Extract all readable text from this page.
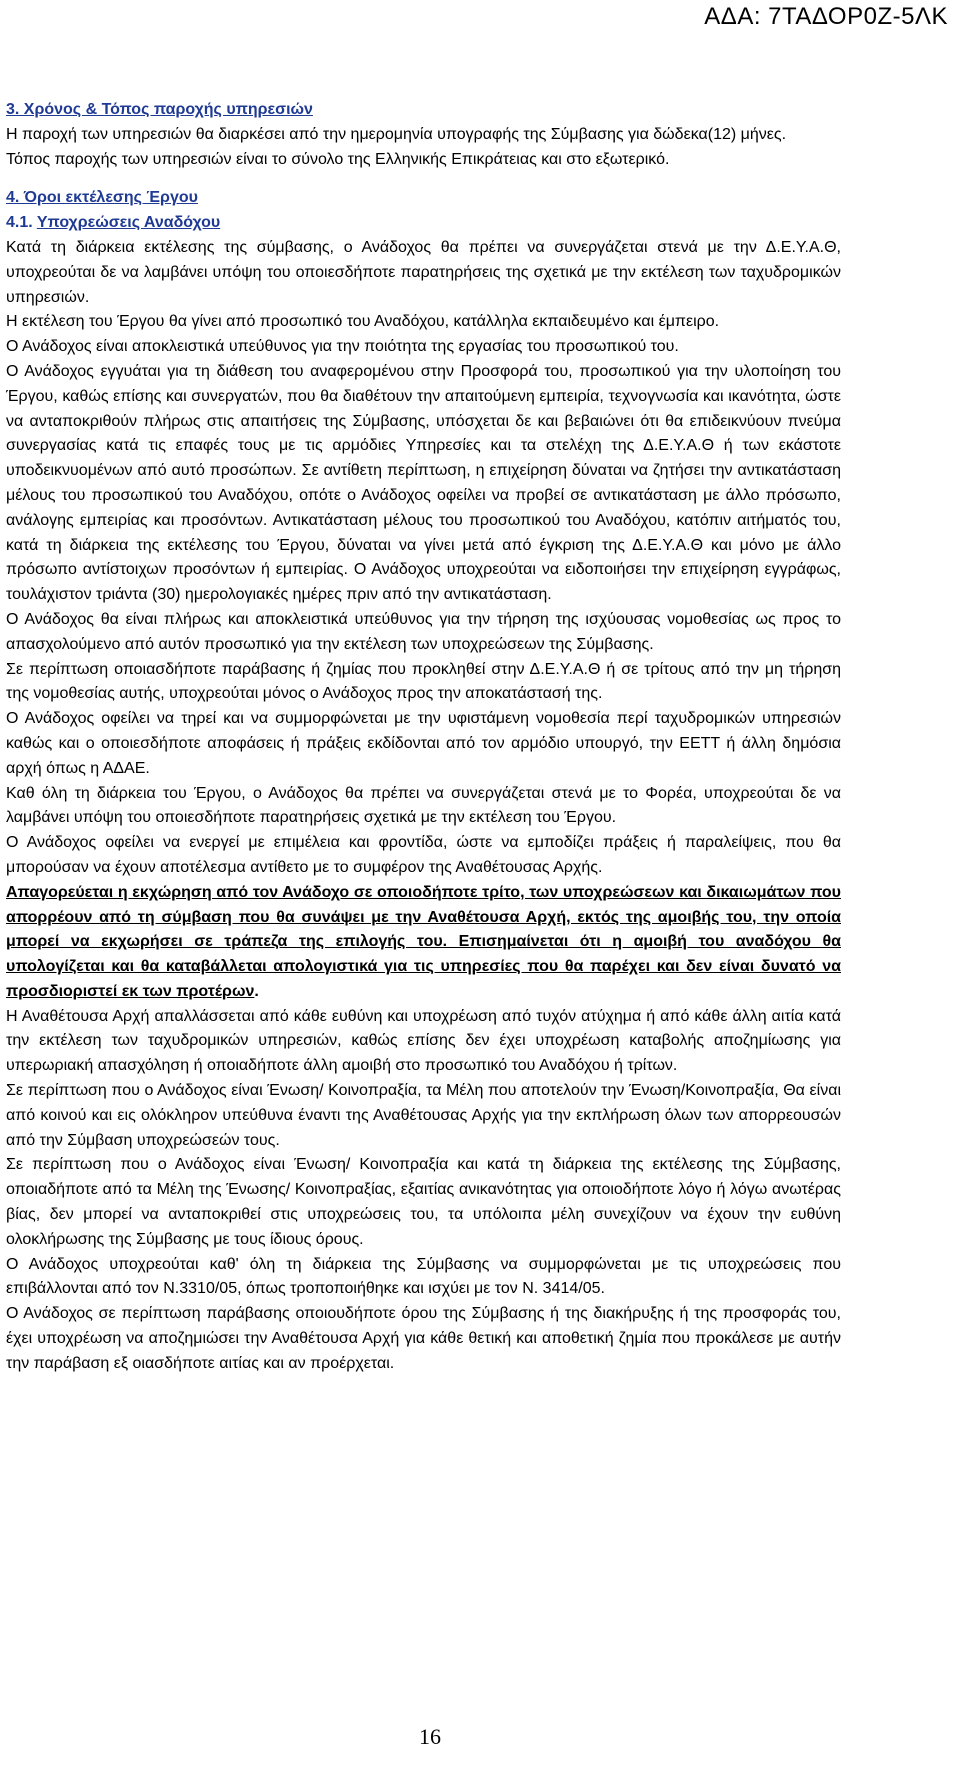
ΑΔΑ: 7ΤΑΔΟΡ0Ζ-5ΛΚ

3. Χρόνος & Τόπος παροχής υπηρεσιών

Η παροχή των υπηρεσιών θα διαρκέσει από την ημερομηνία υπογραφής της Σύμβασης για δώδεκα(12) μήνες.

Τόπος παροχής των υπηρεσιών είναι το σύνολο της Ελληνικής Επικράτειας και στο εξωτερικό.

4. Όροι εκτέλεσης Έργου

4.1. Υποχρεώσεις Αναδόχου

Κατά τη διάρκεια εκτέλεσης της σύμβασης, ο Ανάδοχος θα πρέπει να συνεργάζεται στενά με την Δ.Ε.Υ.Α.Θ, υποχρεούται δε να λαμβάνει υπόψη του οποιεσδήποτε παρατηρήσεις της σχετικά με την εκτέλεση των ταχυδρομικών υπηρεσιών.

Η εκτέλεση του Έργου θα γίνει από προσωπικό του Αναδόχου, κατάλληλα εκπαιδευμένο και έμπειρο.

Ο Ανάδοχος είναι αποκλειστικά υπεύθυνος για την ποιότητα της εργασίας του προσωπικού του.

Ο Ανάδοχος εγγυάται για τη διάθεση του αναφερομένου στην Προσφορά του, προσωπικού για την υλοποίηση του Έργου, καθώς επίσης και συνεργατών, που θα διαθέτουν την απαιτούμενη εμπειρία, τεχνογνωσία και ικανότητα, ώστε να ανταποκριθούν πλήρως στις απαιτήσεις της Σύμβασης, υπόσχεται δε και βεβαιώνει ότι θα επιδεικνύουν πνεύμα συνεργασίας κατά τις επαφές τους με τις αρμόδιες Υπηρεσίες και τα στελέχη της Δ.Ε.Υ.Α.Θ ή των εκάστοτε υποδεικνυομένων από αυτό προσώπων. Σε αντίθετη περίπτωση, η επιχείρηση δύναται να ζητήσει την αντικατάσταση μέλους του προσωπικού του Αναδόχου, οπότε ο Ανάδοχος οφείλει να προβεί σε αντικατάσταση με άλλο πρόσωπο, ανάλογης εμπειρίας και προσόντων. Αντικατάσταση μέλους του προσωπικού του Αναδόχου, κατόπιν αιτήματός του, κατά τη διάρκεια της εκτέλεσης του Έργου, δύναται να γίνει μετά από έγκριση της Δ.Ε.Υ.Α.Θ και μόνο με άλλο πρόσωπο αντίστοιχων προσόντων ή εμπειρίας. Ο Ανάδοχος υποχρεούται να ειδοποιήσει την επιχείρηση εγγράφως, τουλάχιστον τριάντα (30) ημερολογιακές ημέρες πριν από την αντικατάσταση.

Ο Ανάδοχος θα είναι πλήρως και αποκλειστικά υπεύθυνος για την τήρηση της ισχύουσας νομοθεσίας ως προς το απασχολούμενο από αυτόν προσωπικό για την εκτέλεση των υποχρεώσεων της Σύμβασης.

Σε περίπτωση οποιασδήποτε παράβασης ή ζημίας που προκληθεί στην Δ.Ε.Υ.Α.Θ ή σε τρίτους από την μη τήρηση της νομοθεσίας αυτής, υποχρεούται μόνος ο Ανάδοχος προς την αποκατάστασή της.

Ο Ανάδοχος οφείλει να τηρεί και να συμμορφώνεται με την υφιστάμενη νομοθεσία περί ταχυδρομικών υπηρεσιών καθώς και ο οποιεσδήποτε αποφάσεις ή πράξεις εκδίδονται από τον αρμόδιο υπουργό, την ΕΕΤΤ ή άλλη δημόσια αρχή όπως η ΑΔΑΕ.

Καθ όλη τη διάρκεια του Έργου, ο Ανάδοχος θα πρέπει να συνεργάζεται στενά με το Φορέα, υποχρεούται δε να λαμβάνει υπόψη του οποιεσδήποτε παρατηρήσεις σχετικά με την εκτέλεση του Έργου.

Ο Ανάδοχος οφείλει να ενεργεί με επιμέλεια και φροντίδα, ώστε να εμποδίζει πράξεις ή παραλείψεις, που θα μπορούσαν να έχουν αποτέλεσμα αντίθετο με το συμφέρον της Αναθέτουσας Αρχής.

Απαγορεύεται η εκχώρηση από τον Ανάδοχο σε οποιοδήποτε τρίτο, των υποχρεώσεων και δικαιωμάτων που απορρέουν από τη σύμβαση που θα συνάψει με την Αναθέτουσα Αρχή, εκτός της αμοιβής του, την οποία μπορεί να εκχωρήσει σε τράπεζα της επιλογής του. Επισημαίνεται ότι η αμοιβή του αναδόχου θα υπολογίζεται και θα καταβάλλεται απολογιστικά για τις υπηρεσίες που θα παρέχει και δεν είναι δυνατό να προσδιοριστεί εκ των προτέρων.

Η Αναθέτουσα Αρχή απαλλάσσεται από κάθε ευθύνη και υποχρέωση από τυχόν ατύχημα ή από κάθε άλλη αιτία κατά την εκτέλεση των ταχυδρομικών υπηρεσιών, καθώς επίσης δεν έχει υποχρέωση καταβολής αποζημίωσης για υπερωριακή απασχόληση ή οποιαδήποτε άλλη αμοιβή στο προσωπικό του Αναδόχου ή τρίτων.

Σε περίπτωση που ο Ανάδοχος είναι Ένωση/ Κοινοπραξία, τα Μέλη που αποτελούν την Ένωση/Κοινοπραξία, Θα είναι από κοινού και εις ολόκληρον υπεύθυνα έναντι της Αναθέτουσας Αρχής για την εκπλήρωση όλων των απορρεουσών από την Σύμβαση υποχρεώσεών τους.

Σε περίπτωση που ο Ανάδοχος είναι Ένωση/ Κοινοπραξία και κατά τη διάρκεια της εκτέλεσης της Σύμβασης, οποιαδήποτε από τα Μέλη της Ένωσης/ Κοινοπραξίας, εξαιτίας ανικανότητας για οποιοδήποτε λόγο ή λόγω ανωτέρας βίας, δεν μπορεί να ανταποκριθεί στις υποχρεώσεις του, τα υπόλοιπα μέλη συνεχίζουν να έχουν την ευθύνη ολοκλήρωσης της Σύμβασης με τους ίδιους όρους.

Ο Ανάδοχος υποχρεούται καθ' όλη τη διάρκεια της Σύμβασης να συμμορφώνεται με τις υποχρεώσεις που επιβάλλονται από τον Ν.3310/05, όπως τροποποιήθηκε και ισχύει με τον Ν. 3414/05.

Ο Ανάδοχος σε περίπτωση παράβασης οποιουδήποτε όρου της Σύμβασης ή της διακήρυξης ή της προσφοράς του, έχει υποχρέωση να αποζημιώσει την Αναθέτουσα Αρχή για κάθε θετική και αποθετική ζημία που προκάλεσε με αυτήν την παράβαση εξ οιασδήποτε αιτίας και αν προέρχεται.

16
